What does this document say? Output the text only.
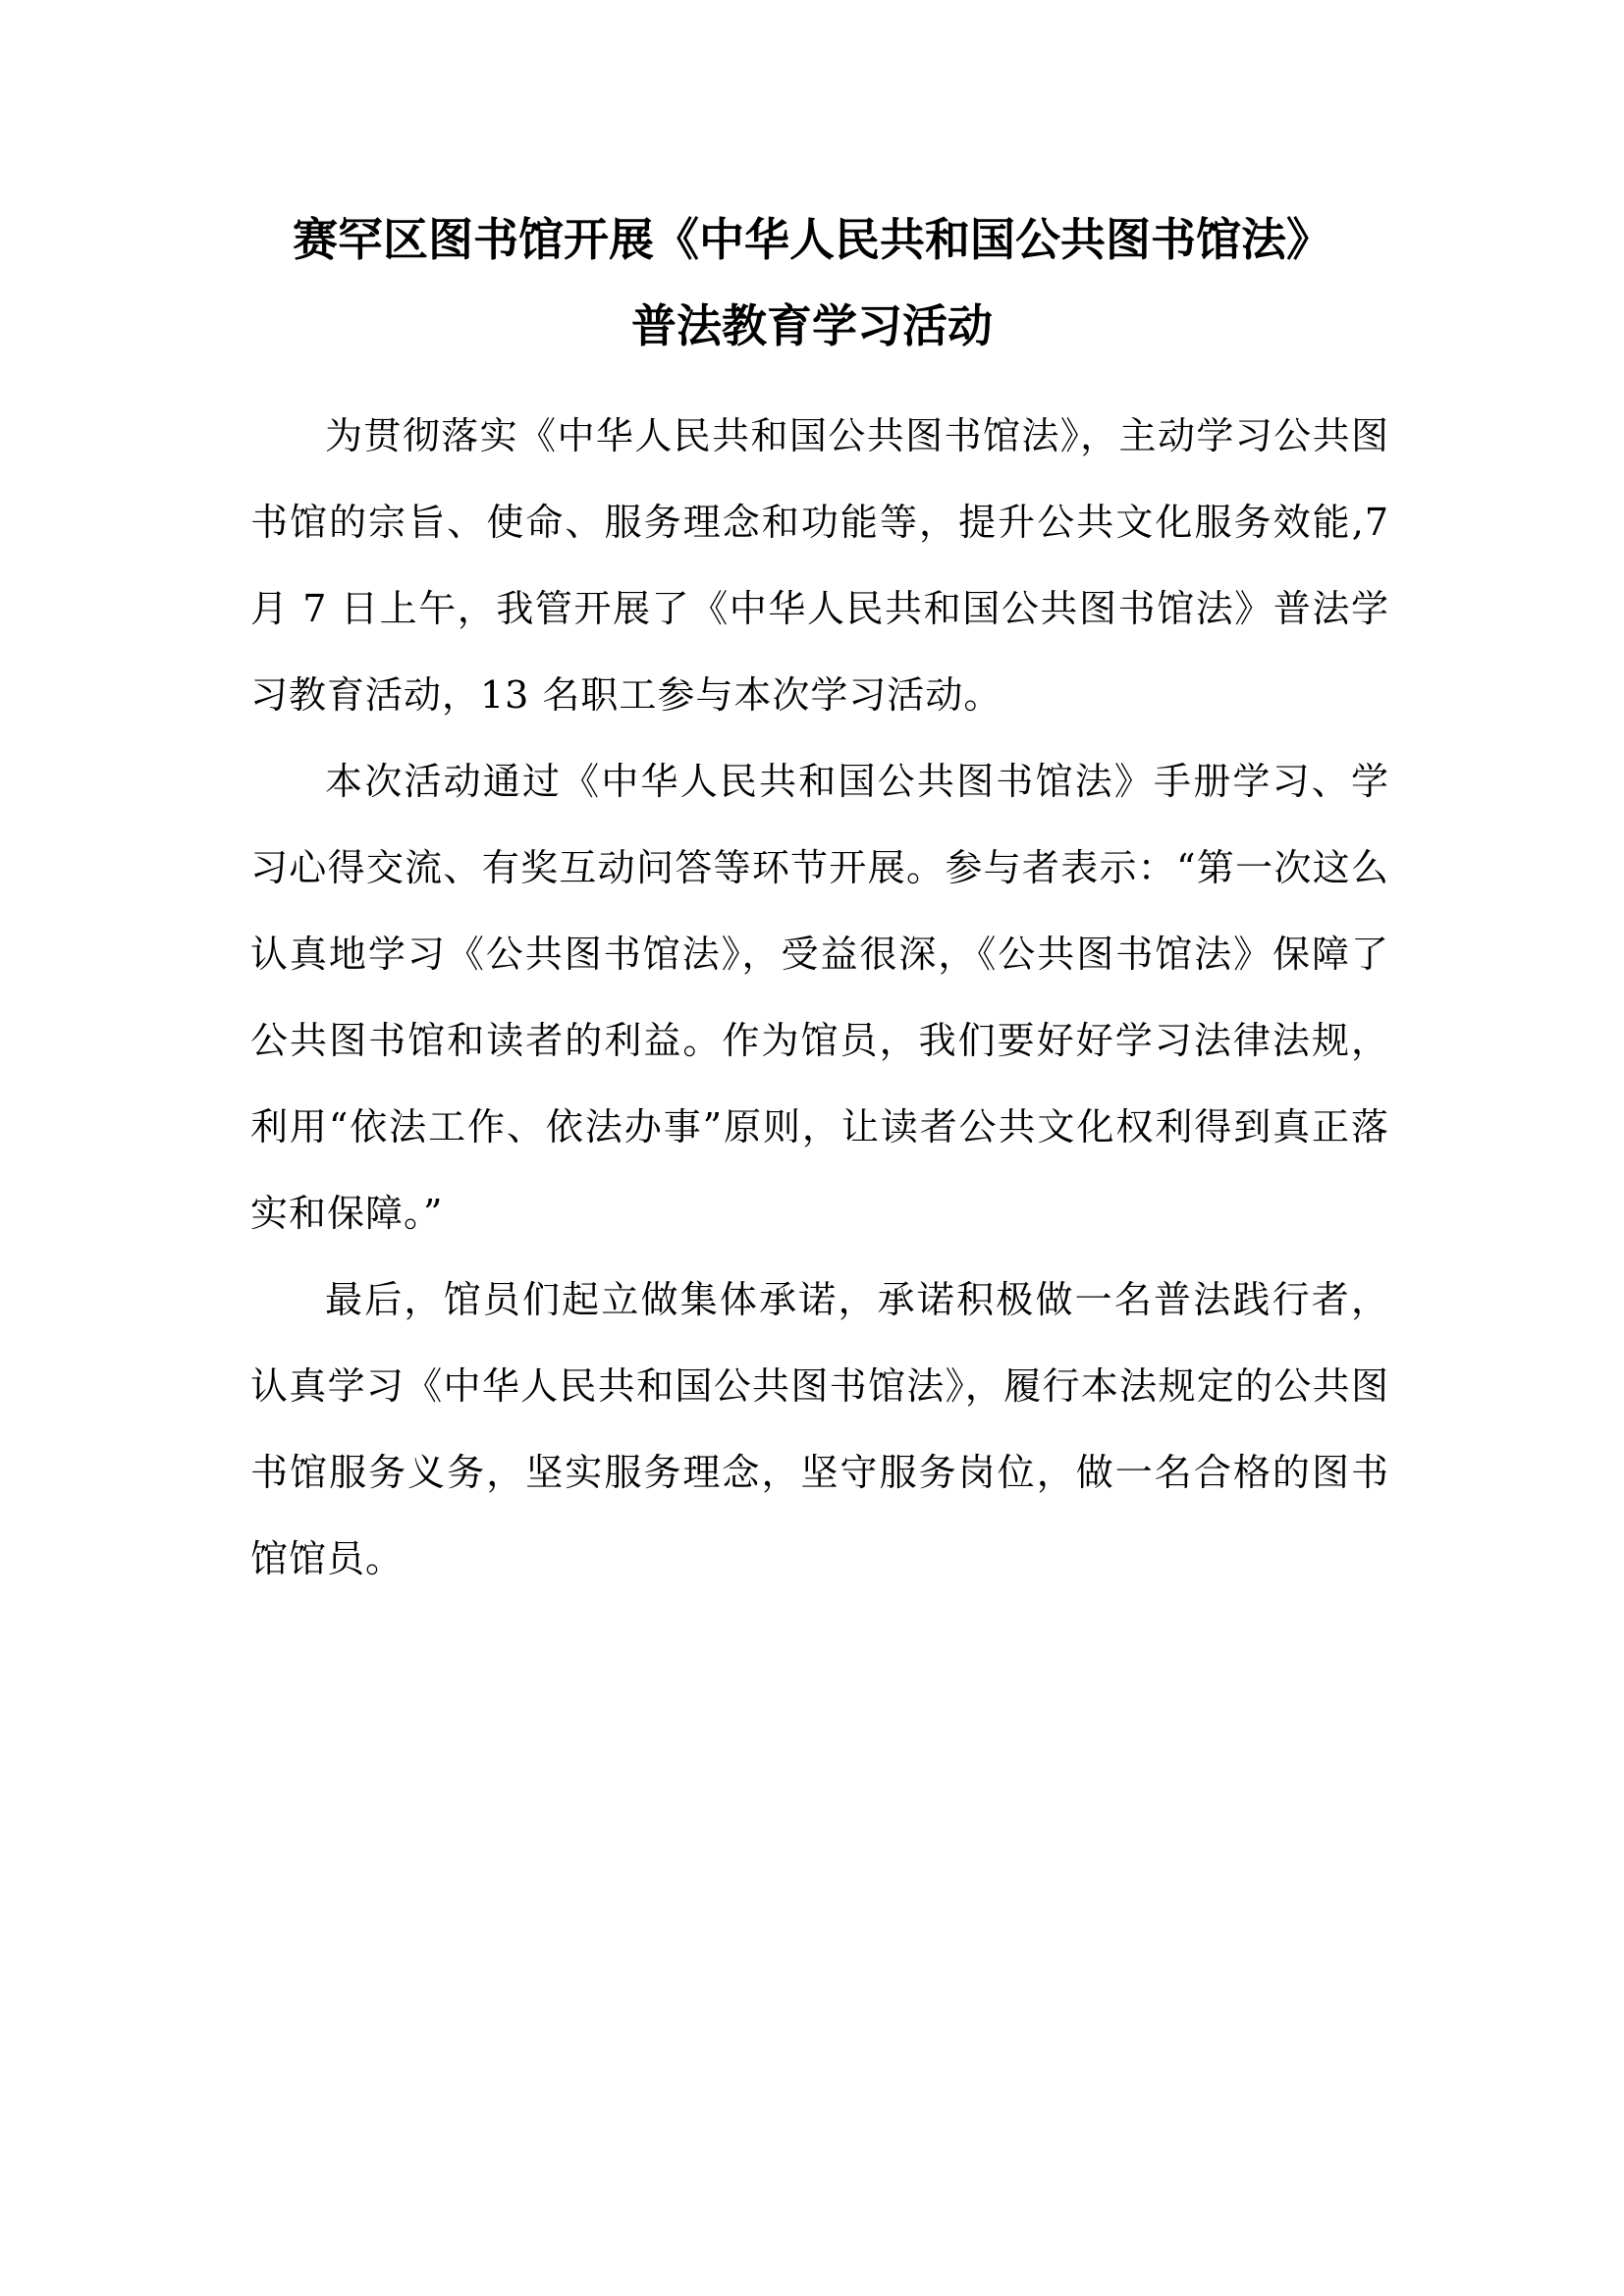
赛罕区图书馆开展《中华人民共和国公共图书馆法》
普法教育学习活动

为贯彻落实《中华人民共和国公共图书馆法》，主动学习公共图书馆的宗旨、使命、服务理念和功能等，提升公共文化服务效能,7 月 7 日上午，我管开展了《中华人民共和国公共图书馆法》普法学习教育活动，13 名职工参与本次学习活动。

本次活动通过《中华人民共和国公共图书馆法》手册学习、学习心得交流、有奖互动问答等环节开展。参与者表示：“第一次这么认真地学习《公共图书馆法》，受益很深，《公共图书馆法》保障了公共图书馆和读者的利益。作为馆员，我们要好好学习法律法规，利用“依法工作、依法办事”原则，让读者公共文化权利得到真正落实和保障。”

最后，馆员们起立做集体承诺，承诺积极做一名普法践行者，认真学习《中华人民共和国公共图书馆法》，履行本法规定的公共图书馆服务义务，坚实服务理念，坚守服务岗位，做一名合格的图书馆馆员。
